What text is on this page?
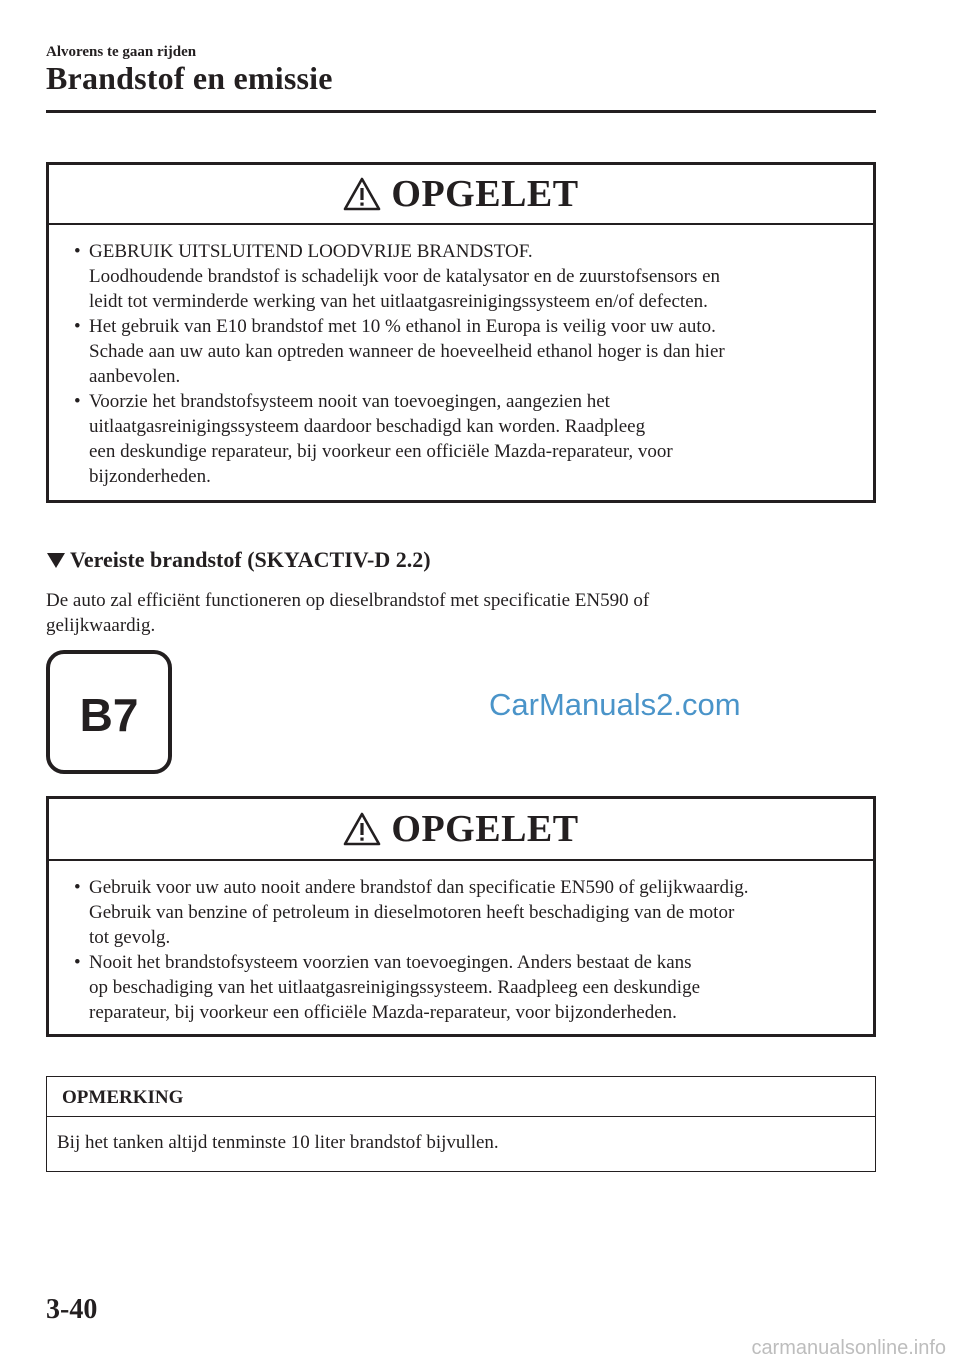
Alvorens te gaan rijden
Brandstof en emissie
OPGELET
• GEBRUIK UITSLUITEND LOODVRIJE BRANDSTOF.

Loodhoudende brandstof is schadelijk voor de katalysator en de zuurstofsensors en

leidt tot verminderde werking van het uitlaatgasreinigingssysteem en/of defecten.

• Het gebruik van E10 brandstof met 10 % ethanol in Europa is veilig voor uw auto.

Schade aan uw auto kan optreden wanneer de hoeveelheid ethanol hoger is dan hier

aanbevolen.

• Voorzie het brandstofsysteem nooit van toevoegingen, aangezien het

uitlaatgasreinigingssysteem daardoor beschadigd kan worden. Raadpleeg

een deskundige reparateur, bij voorkeur een officiële Mazda-reparateur, voor

bijzonderheden.

Vereiste brandstof (SKYACTIV-D 2.2)
De auto zal efficiënt functioneren op dieselbrandstof met specificatie EN590 of
gelijkwaardig.
B7	CarManuals2.com
OPGELET
• Gebruik voor uw auto nooit andere brandstof dan specificatie EN590 of gelijkwaardig.

Gebruik van benzine of petroleum in dieselmotoren heeft beschadiging van de motor

tot gevolg.

• Nooit het brandstofsysteem voorzien van toevoegingen. Anders bestaat de kans

op beschadiging van het uitlaatgasreinigingssysteem. Raadpleeg een deskundige

reparateur, bij voorkeur een officiële Mazda-reparateur, voor bijzonderheden.

OPMERKING
Bij het tanken altijd tenminste 10 liter brandstof bijvullen.
3-40
carmanualsonline.info
